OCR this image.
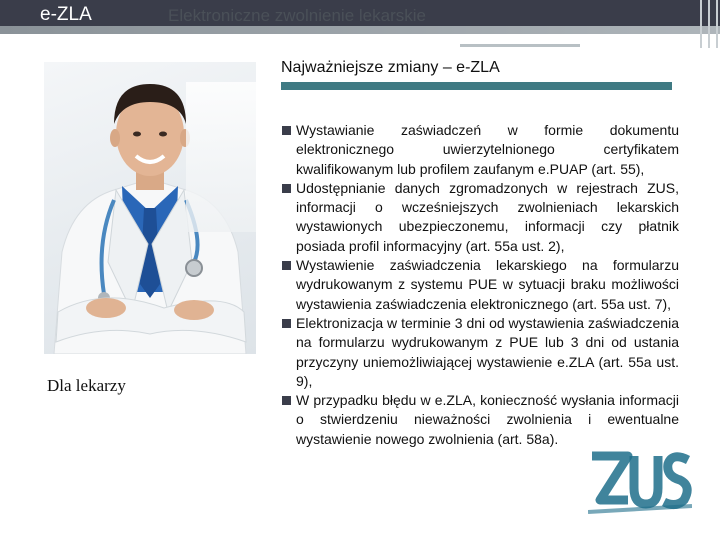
e-ZLA	Elektroniczne zwolnienie lekarskie
Najważniejsze zmiany – e-ZLA
Dla lekarzy
Wystawianie zaświadczeń w formie dokumentu elektronicznego uwierzytelnionego certyfikatem kwalifikowanym lub profilem zaufanym e.PUAP (art. 55),
Udostępnianie danych zgromadzonych w rejestrach ZUS, informacji o wcześniejszych zwolnieniach lekarskich wystawionych ubezpieczonemu, informacji czy płatnik posiada profil informacyjny (art. 55a ust. 2),
Wystawienie zaświadczenia lekarskiego na formularzu wydrukowanym z systemu PUE w sytuacji braku możliwości wystawienia zaświadczenia elektronicznego (art. 55a ust. 7),
Elektronizacja w terminie 3 dni od wystawienia zaświadczenia na formularzu wydrukowanym z PUE lub 3 dni od ustania przyczyny uniemożliwiającej wystawienie e.ZLA (art. 55a ust. 9),
W przypadku błędu w e.ZLA, konieczność wysłania informacji o stwierdzeniu nieważności zwolnienia i ewentualne wystawienie nowego zwolnienia (art. 58a).
